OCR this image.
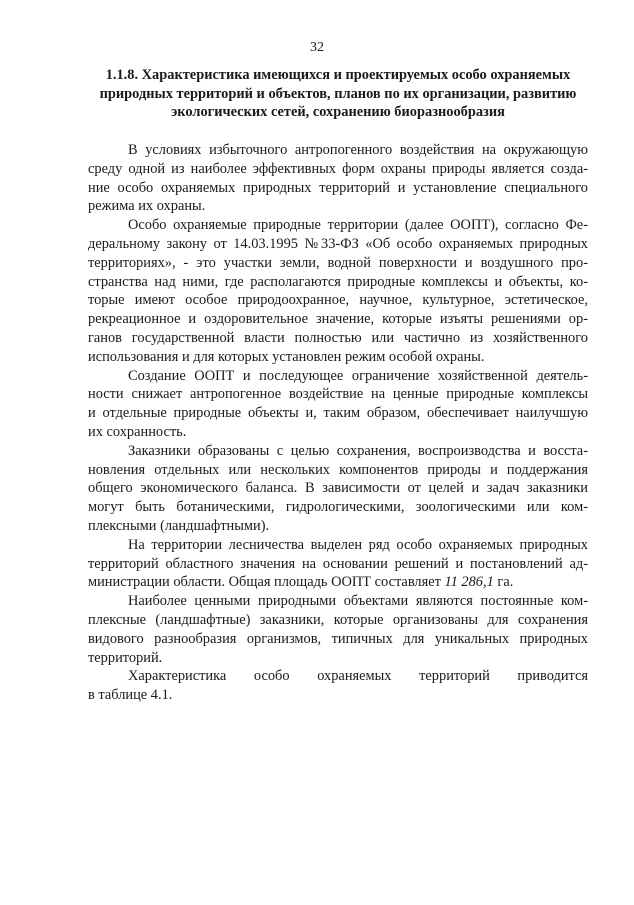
32
1.1.8. Характеристика имеющихся и проектируемых особо охраняемых
природных территорий и объектов, планов по их организации, развитию
экологических сетей, сохранению биоразнообразия
В условиях избыточного антропогенного воздействия на окружающую
среду одной из наиболее эффективных форм охраны природы является созда-
ние особо охраняемых природных территорий и установление специального
режима их охраны.
Особо охраняемые природные территории (далее ООПТ), согласно Фе-
деральному закону от 14.03.1995 №33-ФЗ «Об особо охраняемых природных
территориях», - это участки земли, водной поверхности и воздушного про-
странства над ними, где располагаются природные комплексы и объекты, ко-
торые имеют особое природоохранное, научное, культурное, эстетическое,
рекреационное и оздоровительное значение, которые изъяты решениями ор-
ганов государственной власти полностью или частично из хозяйственного
использования и для которых установлен режим особой охраны.
Создание ООПТ и последующее ограничение хозяйственной деятель-
ности снижает антропогенное воздействие на ценные природные комплексы
и отдельные природные объекты и, таким образом, обеспечивает наилучшую
их сохранность.
Заказники образованы с целью сохранения, воспроизводства и восста-
новления отдельных или нескольких компонентов природы и поддержания
общего экономического баланса. В зависимости от целей и задач заказники
могут быть ботаническими, гидрологическими, зоологическими или ком-
плексными (ландшафтными).
На территории лесничества выделен ряд особо охраняемых природных
территорий областного значения на основании решений и постановлений ад-
министрации области. Общая площадь ООПТ составляет 11 286,1 га.
Наиболее ценными природными объектами являются постоянные ком-
плексные (ландшафтные) заказники, которые организованы для сохранения
видового разнообразия организмов, типичных для уникальных природных
территорий.
Характеристика особо охраняемых территорий приводится
в таблице 4.1.
